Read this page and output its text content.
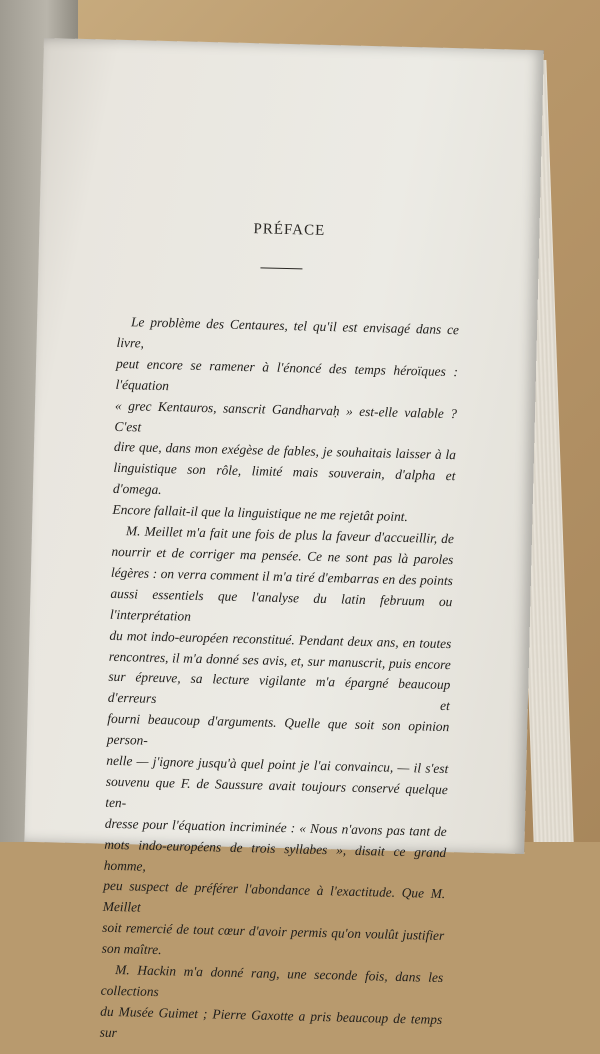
PRÉFACE

Le problème des Centaures, tel qu'il est envisagé dans ce livre,

peut encore se ramener à l'énoncé des temps héroïques : l'équation

« grec Kentauros, sanscrit Gandharvaḥ » est-elle valable ? C'est

dire que, dans mon exégèse de fables, je souhaitais laisser à la

linguistique son rôle, limité mais souverain, d'alpha et d'omega.

Encore fallait-il que la linguistique ne me rejetât point.

M. Meillet m'a fait une fois de plus la faveur d'accueillir, de

nourrir et de corriger ma pensée. Ce ne sont pas là paroles

légères : on verra comment il m'a tiré d'embarras en des points

aussi essentiels que l'analyse du latin februum ou l'interprétation

du mot indo-européen reconstitué. Pendant deux ans, en toutes

rencontres, il m'a donné ses avis, et, sur manuscrit, puis encore

sur épreuve, sa lecture vigilante m'a épargné beaucoup d'erreurs et

fourni beaucoup d'arguments. Quelle que soit son opinion person-

nelle — j'ignore jusqu'à quel point je l'ai convaincu, — il s'est

souvenu que F. de Saussure avait toujours conservé quelque ten-

dresse pour l'équation incriminée : « Nous n'avons pas tant de

mots indo-européens de trois syllabes », disait ce grand homme,

peu suspect de préférer l'abondance à l'exactitude. Que M. Meillet

soit remercié de tout cœur d'avoir permis qu'on voulût justifier

son maître.

M. Hackin m'a donné rang, une seconde fois, dans les collections

du Musée Guimet ; Pierre Gaxotte a pris beaucoup de temps sur
